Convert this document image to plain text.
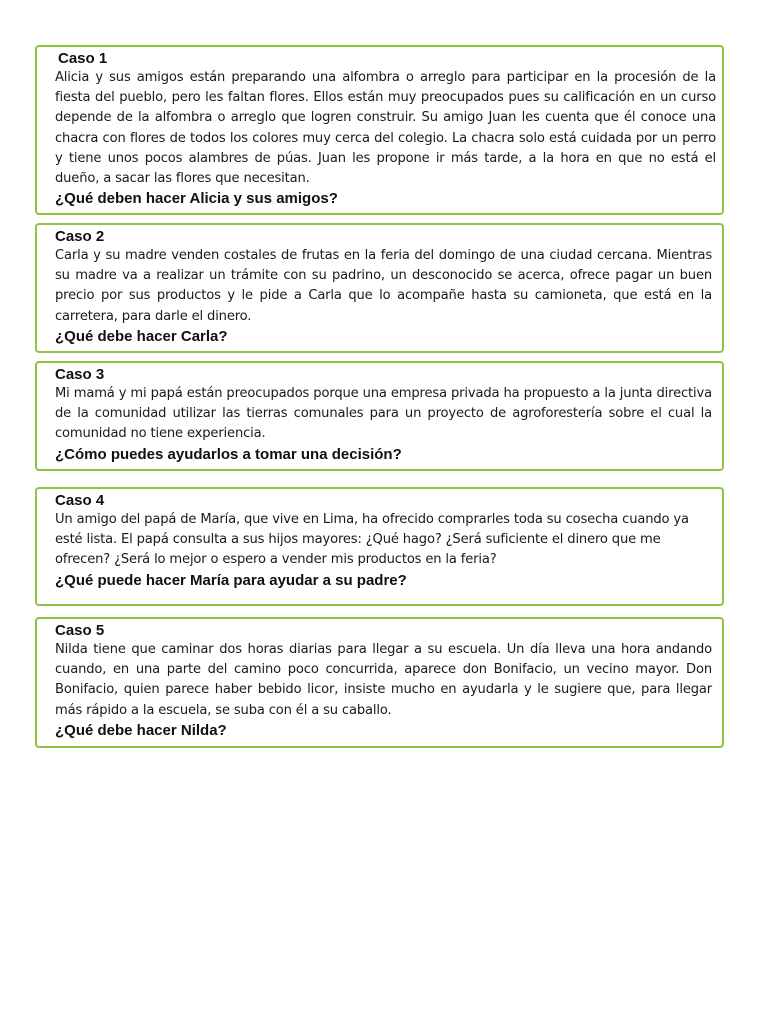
Caso 1

Alicia y sus amigos están preparando una alfombra o arreglo para participar en la procesión de la fiesta del pueblo, pero les faltan flores. Ellos están muy preocupados pues su calificación en un curso depende de la alfombra o arreglo que logren construir. Su amigo Juan les cuenta que él conoce una chacra con flores de todos los colores muy cerca del colegio. La chacra solo está cuidada por un perro y tiene unos pocos alambres de púas. Juan les propone ir más tarde, a la hora en que no está el dueño, a sacar las flores que necesitan.

¿Qué deben hacer Alicia y sus amigos?

Caso 2

Carla y su madre venden costales de frutas en la feria del domingo de una ciudad cercana. Mientras su madre va a realizar un trámite con su padrino, un desconocido se acerca, ofrece pagar un buen precio por sus productos y le pide a Carla que lo acompañe hasta su camioneta, que está en la carretera, para darle el dinero.

¿Qué debe hacer Carla?

Caso 3

Mi mamá y mi papá están preocupados porque una empresa privada ha propuesto a la junta directiva de la comunidad utilizar las tierras comunales para un proyecto de agroforestería sobre el cual la comunidad no tiene experiencia.

¿Cómo puedes ayudarlos a tomar una decisión?

Caso 4

Un amigo del papá de María, que vive en Lima, ha ofrecido comprarles toda su cosecha cuando ya esté lista. El papá consulta a sus hijos mayores: ¿Qué hago? ¿Será suficiente el dinero que me ofrecen? ¿Será lo mejor o espero a vender mis productos en la feria?

¿Qué puede hacer María para ayudar a su padre?

Caso 5

Nilda tiene que caminar dos horas diarias para llegar a su escuela. Un día lleva una hora andando cuando, en una parte del camino poco concurrida, aparece don Bonifacio, un vecino mayor. Don Bonifacio, quien parece haber bebido licor, insiste mucho en ayudarla y le sugiere que, para llegar más rápido a la escuela, se suba con él a su caballo.

¿Qué debe hacer Nilda?
